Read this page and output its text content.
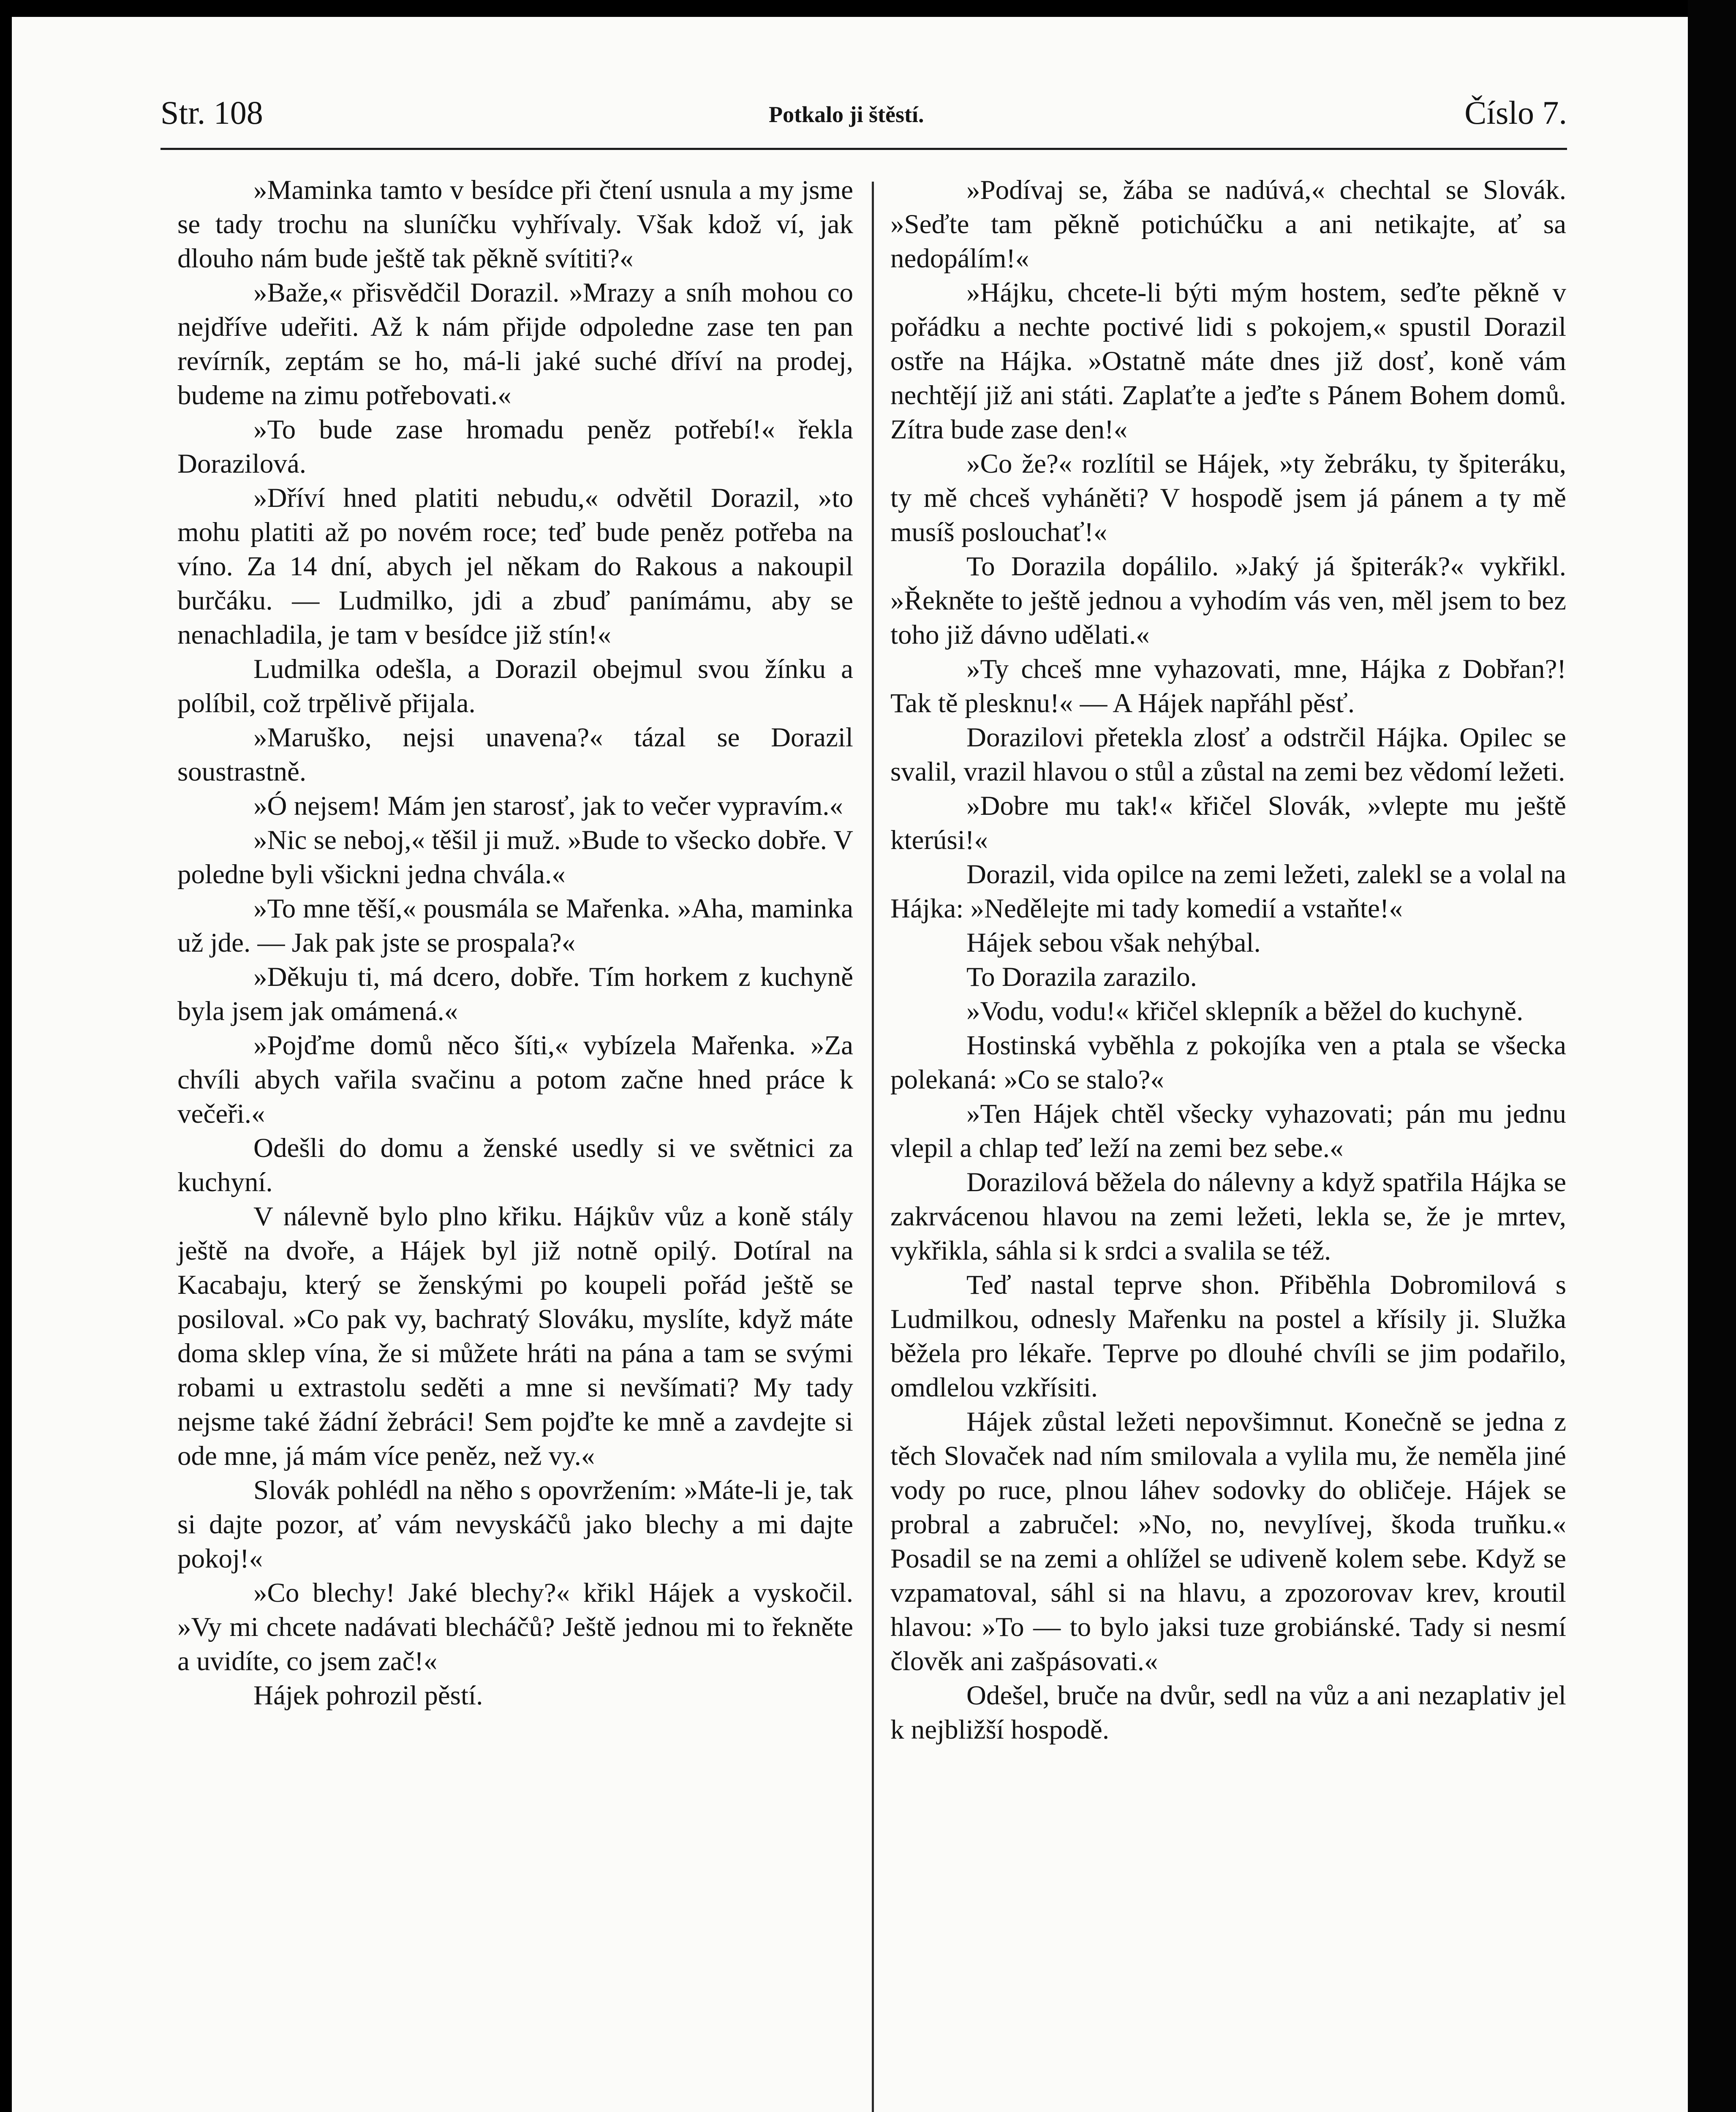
Str. 108	Potkalo ji štěstí.	Číslo 7.

»Maminka tamto v besídce při čtení usnula a my jsme se tady trochu na sluníčku vyhřívaly. Však kdož ví, jak dlouho nám bude ještě tak pěkně svítiti?«

»Baže,« přisvědčil Dorazil. »Mrazy a sníh mohou co nejdříve udeřiti. Až k nám přijde odpoledne zase ten pan revírník, zeptám se ho, má-li jaké suché dříví na prodej, budeme na zimu potřebovati.«

»To bude zase hromadu peněz potřebí!« řekla Dorazilová.

»Dříví hned platiti nebudu,« odvětil Dorazil, »to mohu platiti až po novém roce; teď bude peněz potřeba na víno. Za 14 dní, abych jel někam do Rakous a nakoupil burčáku. — Ludmilko, jdi a zbuď panímámu, aby se nenachladila, je tam v besídce již stín!«

Ludmilka odešla, a Dorazil obejmul svou žínku a políbil, což trpělivě přijala.

»Maruško, nejsi unavena?« tázal se Dorazil soustrastně.

»Ó nejsem! Mám jen starosť, jak to večer vypravím.«

»Nic se neboj,« těšil ji muž. »Bude to všecko dobře. V poledne byli všickni jedna chvála.«

»To mne těší,« pousmála se Mařenka. »Aha, maminka už jde. — Jak pak jste se prospala?«

»Děkuju ti, má dcero, dobře. Tím horkem z kuchyně byla jsem jak omámená.«

»Pojďme domů něco šíti,« vybízela Mařenka. »Za chvíli abych vařila svačinu a potom začne hned práce k večeři.«

Odešli do domu a ženské usedly si ve světnici za kuchyní.

V nálevně bylo plno křiku. Hájkův vůz a koně stály ještě na dvoře, a Hájek byl již notně opilý. Dotíral na Kacabaju, který se ženskými po koupeli pořád ještě se posiloval. »Co pak vy, bachratý Slováku, myslíte, když máte doma sklep vína, že si můžete hráti na pána a tam se svými robami u extrastolu seděti a mne si nevšímati? My tady nejsme také žádní žebráci! Sem pojďte ke mně a zavdejte si ode mne, já mám více peněz, než vy.«

Slovák pohlédl na něho s opovržením: »Máte-li je, tak si dajte pozor, ať vám nevyskáčů jako blechy a mi dajte pokoj!«

»Co blechy! Jaké blechy?« křikl Hájek a vyskočil. »Vy mi chcete nadávati blecháčů? Ještě jednou mi to řekněte a uvidíte, co jsem zač!«

Hájek pohrozil pěstí.

»Podívaj se, žába se nadúvá,« chechtal se Slovák. »Seďte tam pěkně potichúčku a ani netikajte, ať sa nedopálím!«

»Hájku, chcete-li býti mým hostem, seďte pěkně v pořádku a nechte poctivé lidi s pokojem,« spustil Dorazil ostře na Hájka. »Ostatně máte dnes již dosť, koně vám nechtějí již ani státi. Zaplaťte a jeďte s Pánem Bohem domů. Zítra bude zase den!«

»Co že?« rozlítil se Hájek, »ty žebráku, ty špiteráku, ty mě chceš vyháněti? V hospodě jsem já pánem a ty mě musíš poslouchať!«

To Dorazila dopálilo. »Jaký já špiterák?« vykřikl. »Řekněte to ještě jednou a vyhodím vás ven, měl jsem to bez toho již dávno udělati.«

»Ty chceš mne vyhazovati, mne, Hájka z Dobřan?! Tak tě plesknu!« — A Hájek napřáhl pěsť.

Dorazilovi přetekla zlosť a odstrčil Hájka. Opilec se svalil, vrazil hlavou o stůl a zůstal na zemi bez vědomí ležeti.

»Dobre mu tak!« křičel Slovák, »vlepte mu ještě kterúsi!«

Dorazil, vida opilce na zemi ležeti, zalekl se a volal na Hájka: »Nedělejte mi tady komedií a vstaňte!«

Hájek sebou však nehýbal.

To Dorazila zarazilo.

»Vodu, vodu!« křičel sklepník a běžel do kuchyně.

Hostinská vyběhla z pokojíka ven a ptala se všecka polekaná: »Co se stalo?«

»Ten Hájek chtěl všecky vyhazovati; pán mu jednu vlepil a chlap teď leží na zemi bez sebe.«

Dorazilová běžela do nálevny a když spatřila Hájka se zakrvácenou hlavou na zemi ležeti, lekla se, že je mrtev, vykřikla, sáhla si k srdci a svalila se též.

Teď nastal teprve shon. Přiběhla Dobromilová s Ludmilkou, odnesly Mařenku na postel a křísily ji. Služka běžela pro lékaře. Teprve po dlouhé chvíli se jim podařilo, omdlelou vzkřísiti.

Hájek zůstal ležeti nepovšimnut. Konečně se jedna z těch Slovaček nad ním smilovala a vylila mu, že neměla jiné vody po ruce, plnou láhev sodovky do obličeje. Hájek se probral a zabručel: »No, no, nevylívej, škoda truňku.« Posadil se na zemi a ohlížel se udiveně kolem sebe. Když se vzpamatoval, sáhl si na hlavu, a zpozorovav krev, kroutil hlavou: »To — to bylo jaksi tuze grobiánské. Tady si nesmí člověk ani zašpásovati.«

Odešel, bruče na dvůr, sedl na vůz a ani nezaplativ jel k nejbližší hospodě.
